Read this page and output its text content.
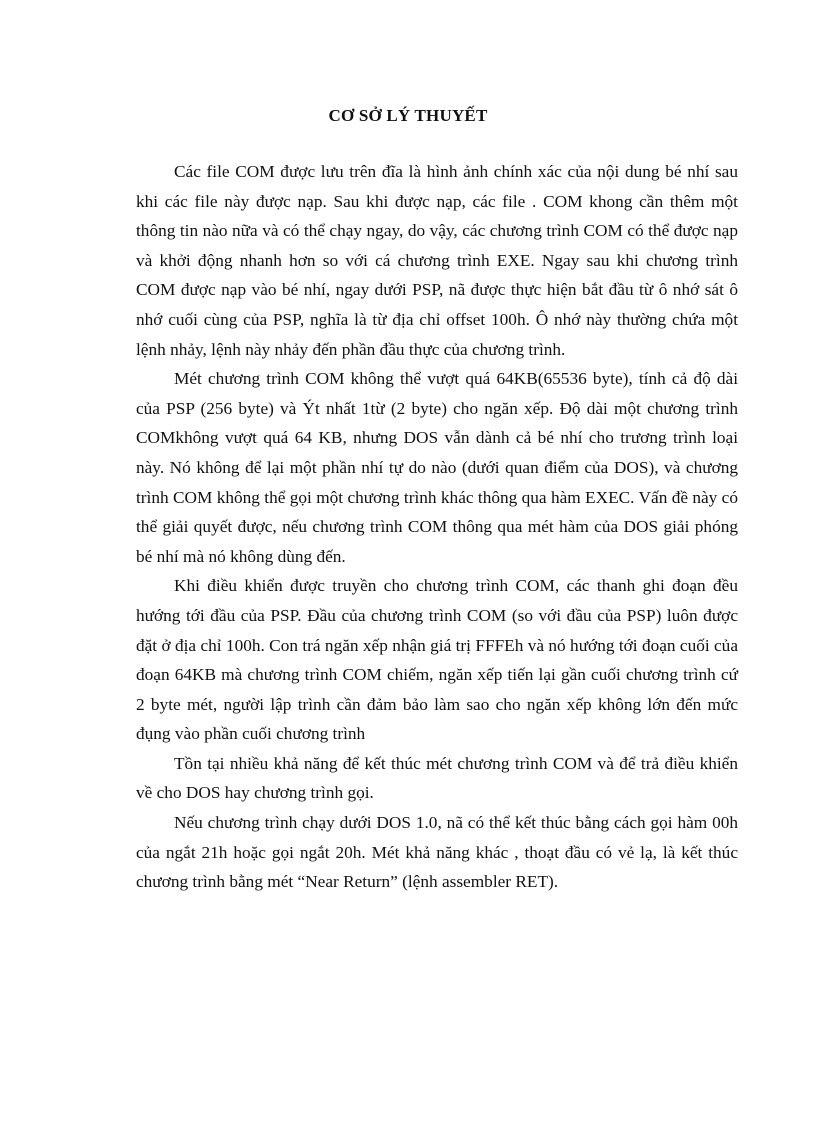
CƠ SỞ LÝ THUYẾT

Các file COM được lưu trên đĩa là hình ảnh chính xác của nội dung bé nhí sau khi các file này được nạp. Sau khi được nạp, các file . COM khong cần thêm một thông tin nào nữa và có thể chạy ngay, do vậy, các chương trình COM có thể được nạp và khởi động nhanh hơn so với cá chương trình EXE. Ngay sau khi chương trình COM được nạp vào bé nhí, ngay dưới PSP, nã được thực hiện bắt đầu từ ô nhớ sát ô nhớ cuối cùng của PSP, nghĩa là từ địa chỉ offset 100h. Ô nhớ này thường chứa một lệnh nhảy, lệnh này nhảy đến phần đầu thực của chương trình.

Mét chương trình COM không thể vượt quá 64KB(65536 byte), tính cả độ dài của PSP (256 byte) và Ýt nhất 1từ (2 byte) cho ngăn xếp. Độ dài một chương trình COMkhông vượt quá 64 KB, nhưng DOS vẫn dành cả bé nhí cho trương trình loại này. Nó không để lại một phần nhí tự do nào (dưới quan điểm của DOS), và chương trình COM không thể gọi một chương trình khác thông qua hàm EXEC. Vấn đề này có thể giải quyết được, nếu chương trình COM thông qua mét hàm của DOS giải phóng bé nhí mà nó không dùng đến.

Khi điều khiển được truyền cho chương trình COM, các thanh ghi đoạn đều hướng tới đầu của PSP. Đầu của chương trình COM (so với đầu của PSP) luôn được đặt ở địa chỉ 100h. Con trá ngăn xếp nhận giá trị FFFEh và nó hướng tới đoạn cuối của đoạn 64KB mà chương trình COM chiếm, ngăn xếp tiến lại gần cuối chương trình cứ 2 byte mét, người lập trình cần đảm bảo làm sao cho ngăn xếp không lớn đến mức đụng vào phần cuối chương trình

Tồn tại nhiều khả năng để kết thúc mét chương trình COM và để trả điều khiển về cho DOS hay chương trình gọi.

Nếu chương trình chạy dưới DOS 1.0, nã có thể kết thúc bằng cách gọi hàm 00h của ngắt 21h hoặc gọi ngắt 20h. Mét khả năng khác , thoạt đầu có vẻ lạ, là kết thúc chương trình bằng mét “Near Return” (lệnh assembler RET).
